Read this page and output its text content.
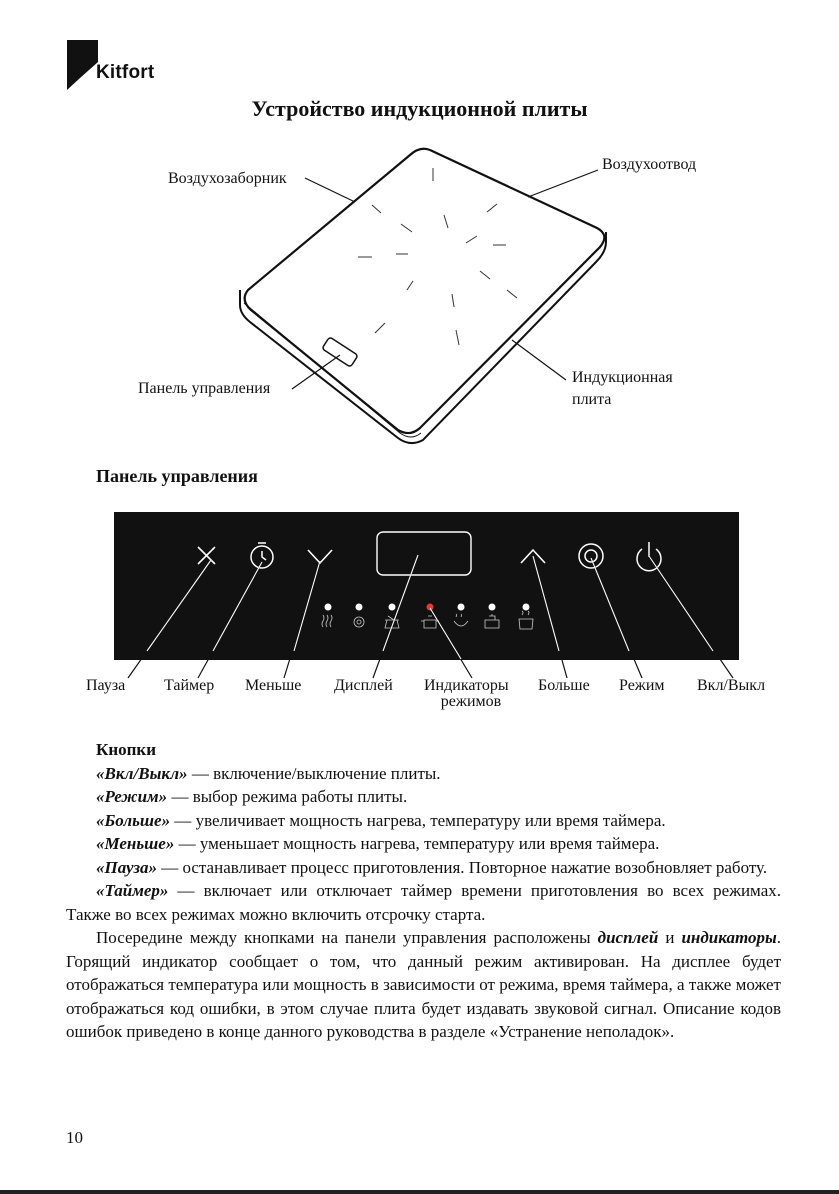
Kitfort
Устройство индукционной плиты
Воздухозаборник
Воздухоотвод
Панель управления
Индукционная
плита
Панель управления
Пауза Таймер Меньше Дисплей Индикаторы
режимов
Больше Режим Вкл/Выкл

Кнопки

«Вкл/Выкл» — включение/выключение плиты.

«Режим» — выбор режима работы плиты.

«Больше» — увеличивает мощность нагрева, температуру или время таймера.

«Меньше» — уменьшает мощность нагрева, температуру или время таймера.

«Пауза» — останавливает процесс приготовления. Повторное нажатие возобновляет работу.

«Таймер» — включает или отключает таймер времени приготовления во всех режимах. Также во всех режимах можно включить отсрочку старта.

Посередине между кнопками на панели управления расположены дисплей и индикаторы. Горящий индикатор сообщает о том, что данный режим активирован. На дисплее будет отображаться температура или мощность в зависимости от режима, время таймера, а также может отображаться код ошибки, в этом случае плита будет издавать звуковой сигнал. Описание кодов ошибок приведено в конце данного руководства в разделе «Устранение неполадок».

10
